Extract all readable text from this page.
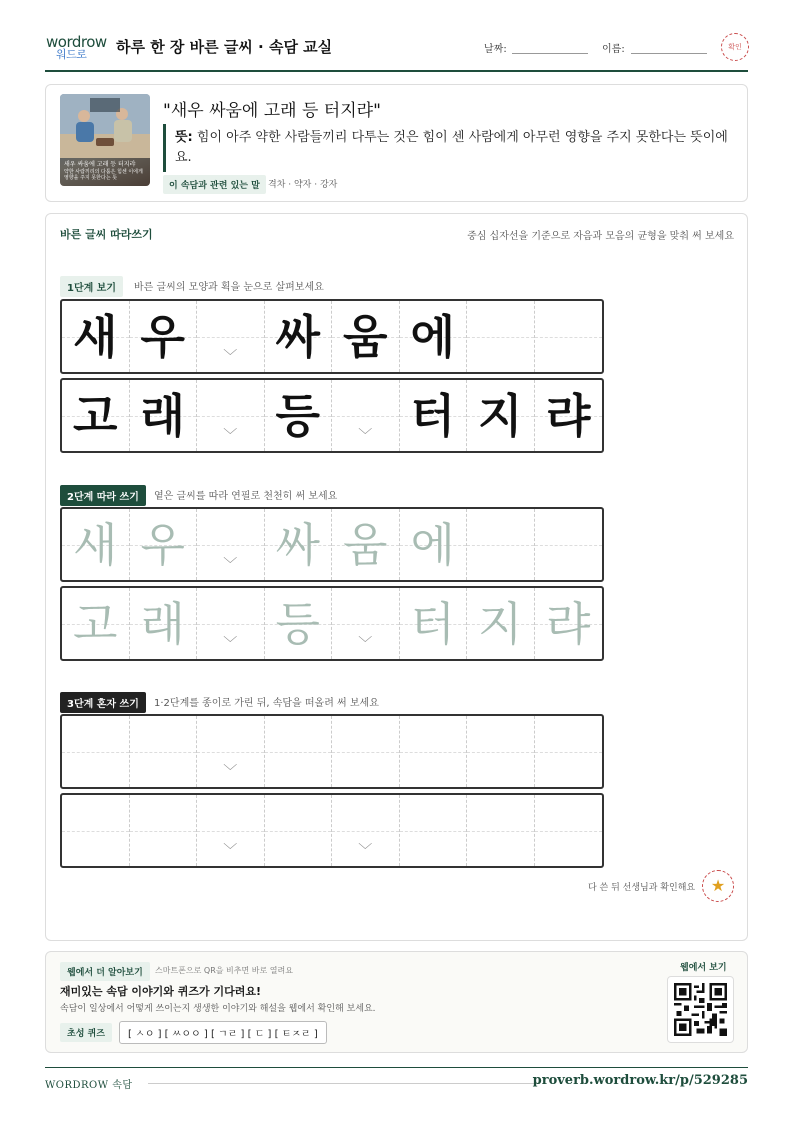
wordrow
워드로	하루 한 장 바른 글씨 · 속담 교실	날짜:	이름:	확인
새우 싸움에 고래 등 터지랴
약한 사람끼리의 다툼은 힘센 이에게 영향을 주지 못한다는 뜻
"새우 싸움에 고래 등 터지랴"
뜻: 힘이 아주 약한 사람들끼리 다투는 것은 힘이 센 사람에게 아무런 영향을 주지 못한다는 뜻이에요.
이 속담과 관련 있는 말 격차 · 약자 · 강자
바른 글씨 따라쓰기	중심 십자선을 기준으로 자음과 모음의 균형을 맞춰 써 보세요
1단계 보기	바른 글씨의 모양과 획을 눈으로 살펴보세요
새 우	﹀ 싸 움 에
고 래	﹀ 등	﹀ 터 지 랴
2단계 따라 쓰기	옅은 글씨를 따라 연필로 천천히 써 보세요
새 우	﹀ 싸 움 에
고 래	﹀ 등	﹀ 터 지 랴
3단계 혼자 쓰기	1·2단계를 종이로 가린 뒤, 속담을 떠올려 써 보세요
﹀
﹀	﹀
다 쓴 뒤 선생님과 확인해요 ★
웹에서 더 알아보기	스마트폰으로 QR을 비추면 바로 열려요
재미있는 속담 이야기와 퀴즈가 기다려요!
속담이 일상에서 어떻게 쓰이는지 생생한 이야기와 해설을 웹에서 확인해 보세요.
초성 퀴즈	[ ㅅㅇ ] [ ㅆㅇㅇ ] [ ㄱㄹ ] [ ㄷ ] [ ㅌㅈㄹ ]
웹에서 보기
WORDROW 속담	proverb.wordrow.kr/p/529285
